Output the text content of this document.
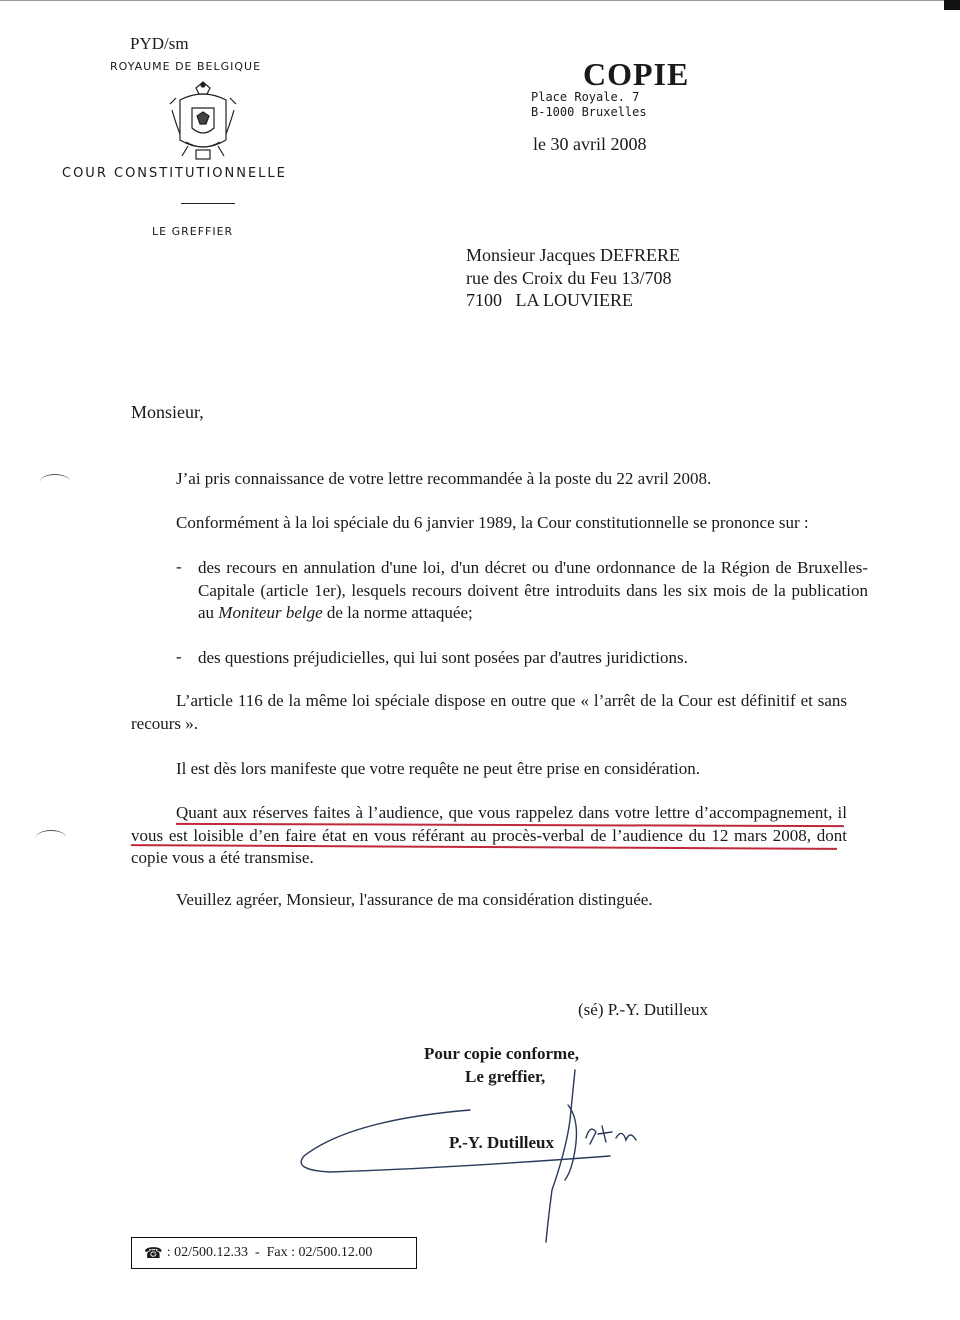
PYD/sm
ROYAUME DE BELGIQUE
COUR CONSTITUTIONNELLE
LE GREFFIER
COPIE
Place Royale. 7
B-1000 Bruxelles
le 30 avril 2008
Monsieur Jacques DEFRERE
rue des Croix du Feu 13/708
7100   LA LOUVIERE
Monsieur,
J’ai pris connaissance de votre lettre recommandée à la poste du 22 avril 2008.
Conformément à la loi spéciale du 6 janvier 1989, la Cour constitutionnelle se prononce sur :
- des recours en annulation d'une loi, d'un décret ou d'une ordonnance de la Région de Bruxelles-Capitale (article 1er), lesquels recours doivent être introduits dans les six mois de la publication au Moniteur belge de la norme attaquée;
- des questions préjudicielles, qui lui sont posées par d'autres juridictions.
L’article 116 de la même loi spéciale dispose en outre que « l’arrêt de la Cour est définitif et sans recours ».
Il est dès lors manifeste que votre requête ne peut être prise en considération.
Quant aux réserves faites à l’audience, que vous rappelez dans votre lettre d’accompagnement, il vous est loisible d’en faire état en vous référant au procès-verbal de l’audience du 12 mars 2008, dont copie vous a été transmise.
Veuillez agréer, Monsieur, l'assurance de ma considération distinguée.
(sé) P.-Y. Dutilleux
Pour copie conforme,
Le greffier,
P.-Y. Dutilleux
☎ : 02/500.12.33  -  Fax : 02/500.12.00
